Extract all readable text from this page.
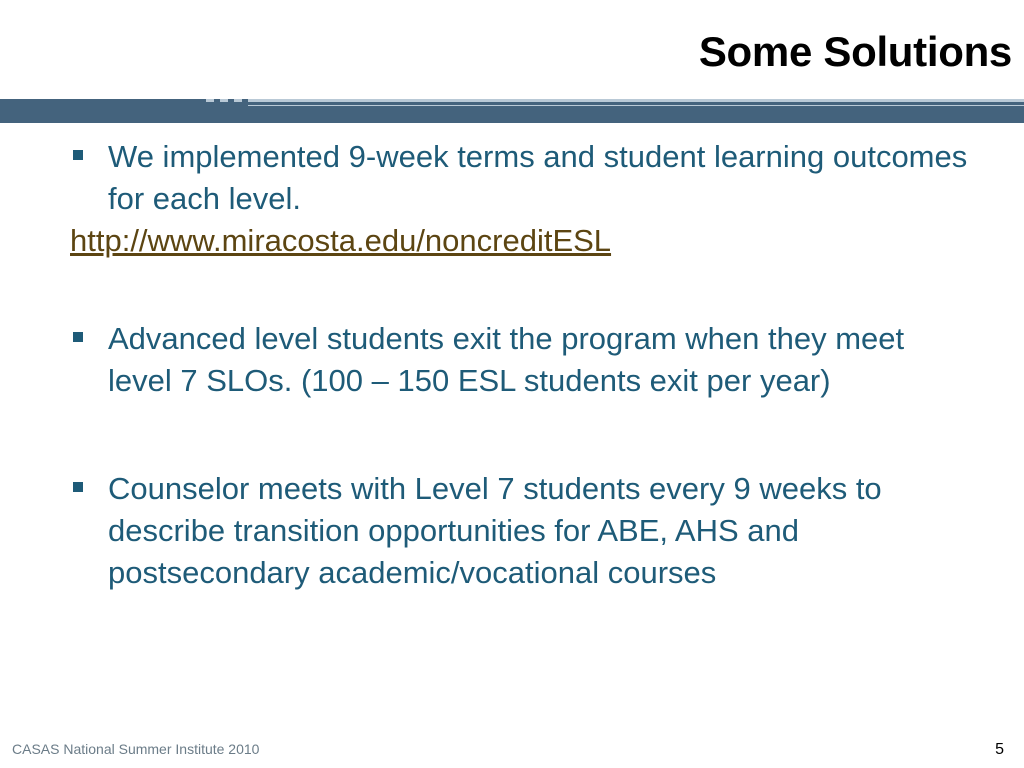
Some Solutions
We implemented 9-week terms and student learning outcomes for each level.
http://www.miracosta.edu/noncreditESL
Advanced level students exit the program when they meet level 7 SLOs. (100 – 150 ESL students exit per year)
Counselor meets with Level 7 students every 9 weeks to describe transition opportunities for ABE, AHS and postsecondary academic/vocational courses
CASAS National Summer Institute 2010	5
